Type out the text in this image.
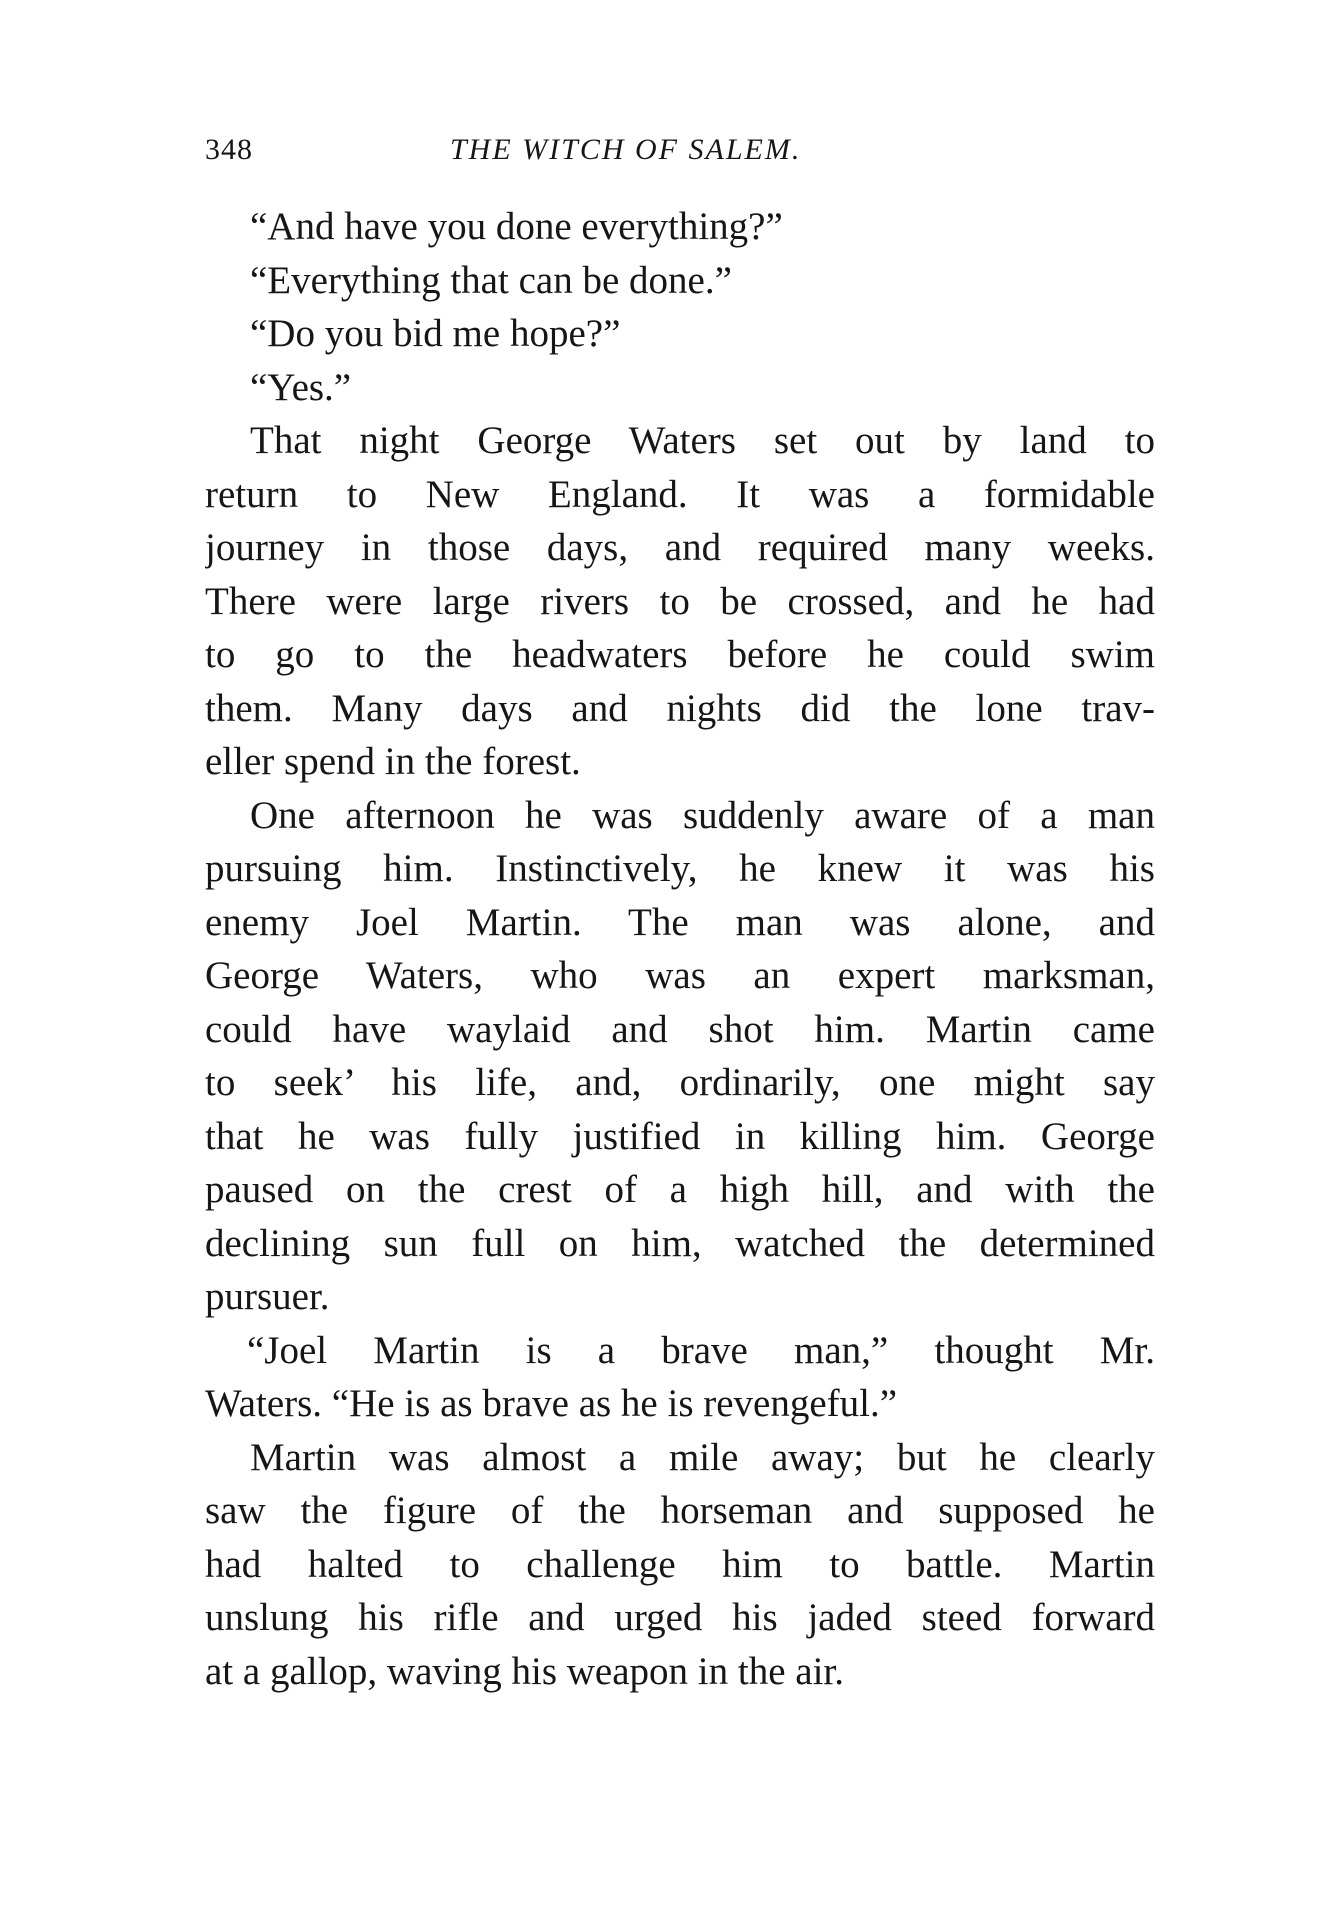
348	THE WITCH OF SALEM.
“And have you done everything?”
“Everything that can be done.”
“Do you bid me hope?”
“Yes.”
That night George Waters set out by land to
return to New England. It was a formidable
journey in those days, and required many weeks.
There were large rivers to be crossed, and he had
to go to the headwaters before he could swim
them. Many days and nights did the lone trav-
eller spend in the forest.
One afternoon he was suddenly aware of a man
pursuing him. Instinctively, he knew it was his
enemy Joel Martin. The man was alone, and
George Waters, who was an expert marksman,
could have waylaid and shot him. Martin came
to seek’ his life, and, ordinarily, one might say
that he was fully justified in killing him. George
paused on the crest of a high hill, and with the
declining sun full on him, watched the determined
pursuer.
“Joel Martin is a brave man,” thought Mr.
Waters. “He is as brave as he is revengeful.”
Martin was almost a mile away; but he clearly
saw the figure of the horseman and supposed he
had halted to challenge him to battle. Martin
unslung his rifle and urged his jaded steed forward
at a gallop, waving his weapon in the air.
